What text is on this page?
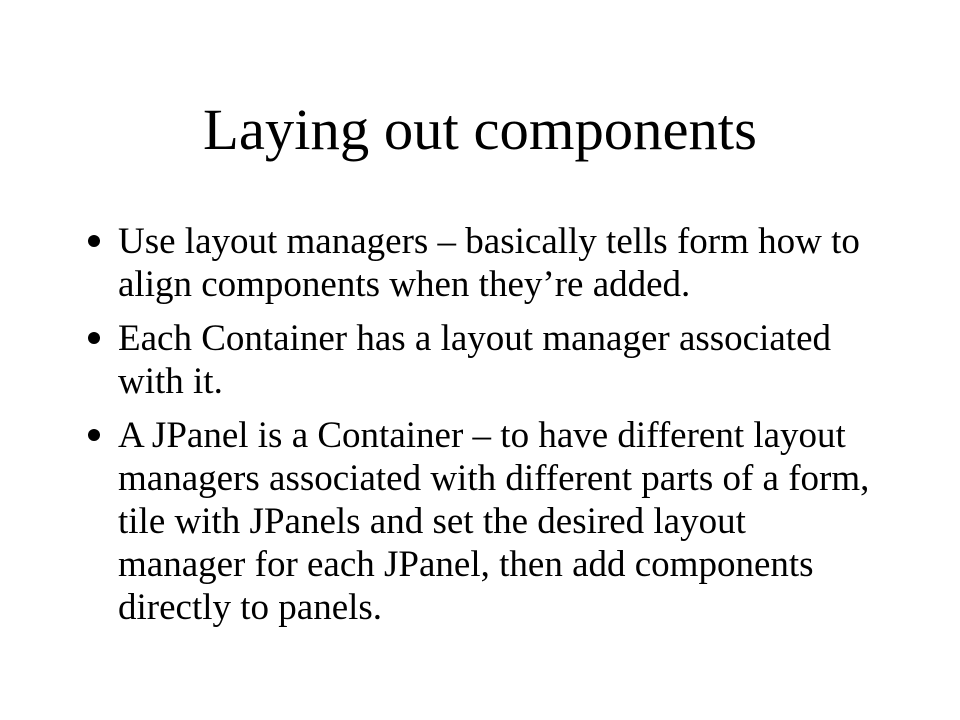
Laying out components
Use layout managers – basically tells form how to
align components when they’re added.
Each Container has a layout manager associated
with it.
A JPanel is a Container – to have different layout
managers associated with different parts of a form,
tile with JPanels and set the desired layout
manager for each JPanel, then add components
directly to panels.
